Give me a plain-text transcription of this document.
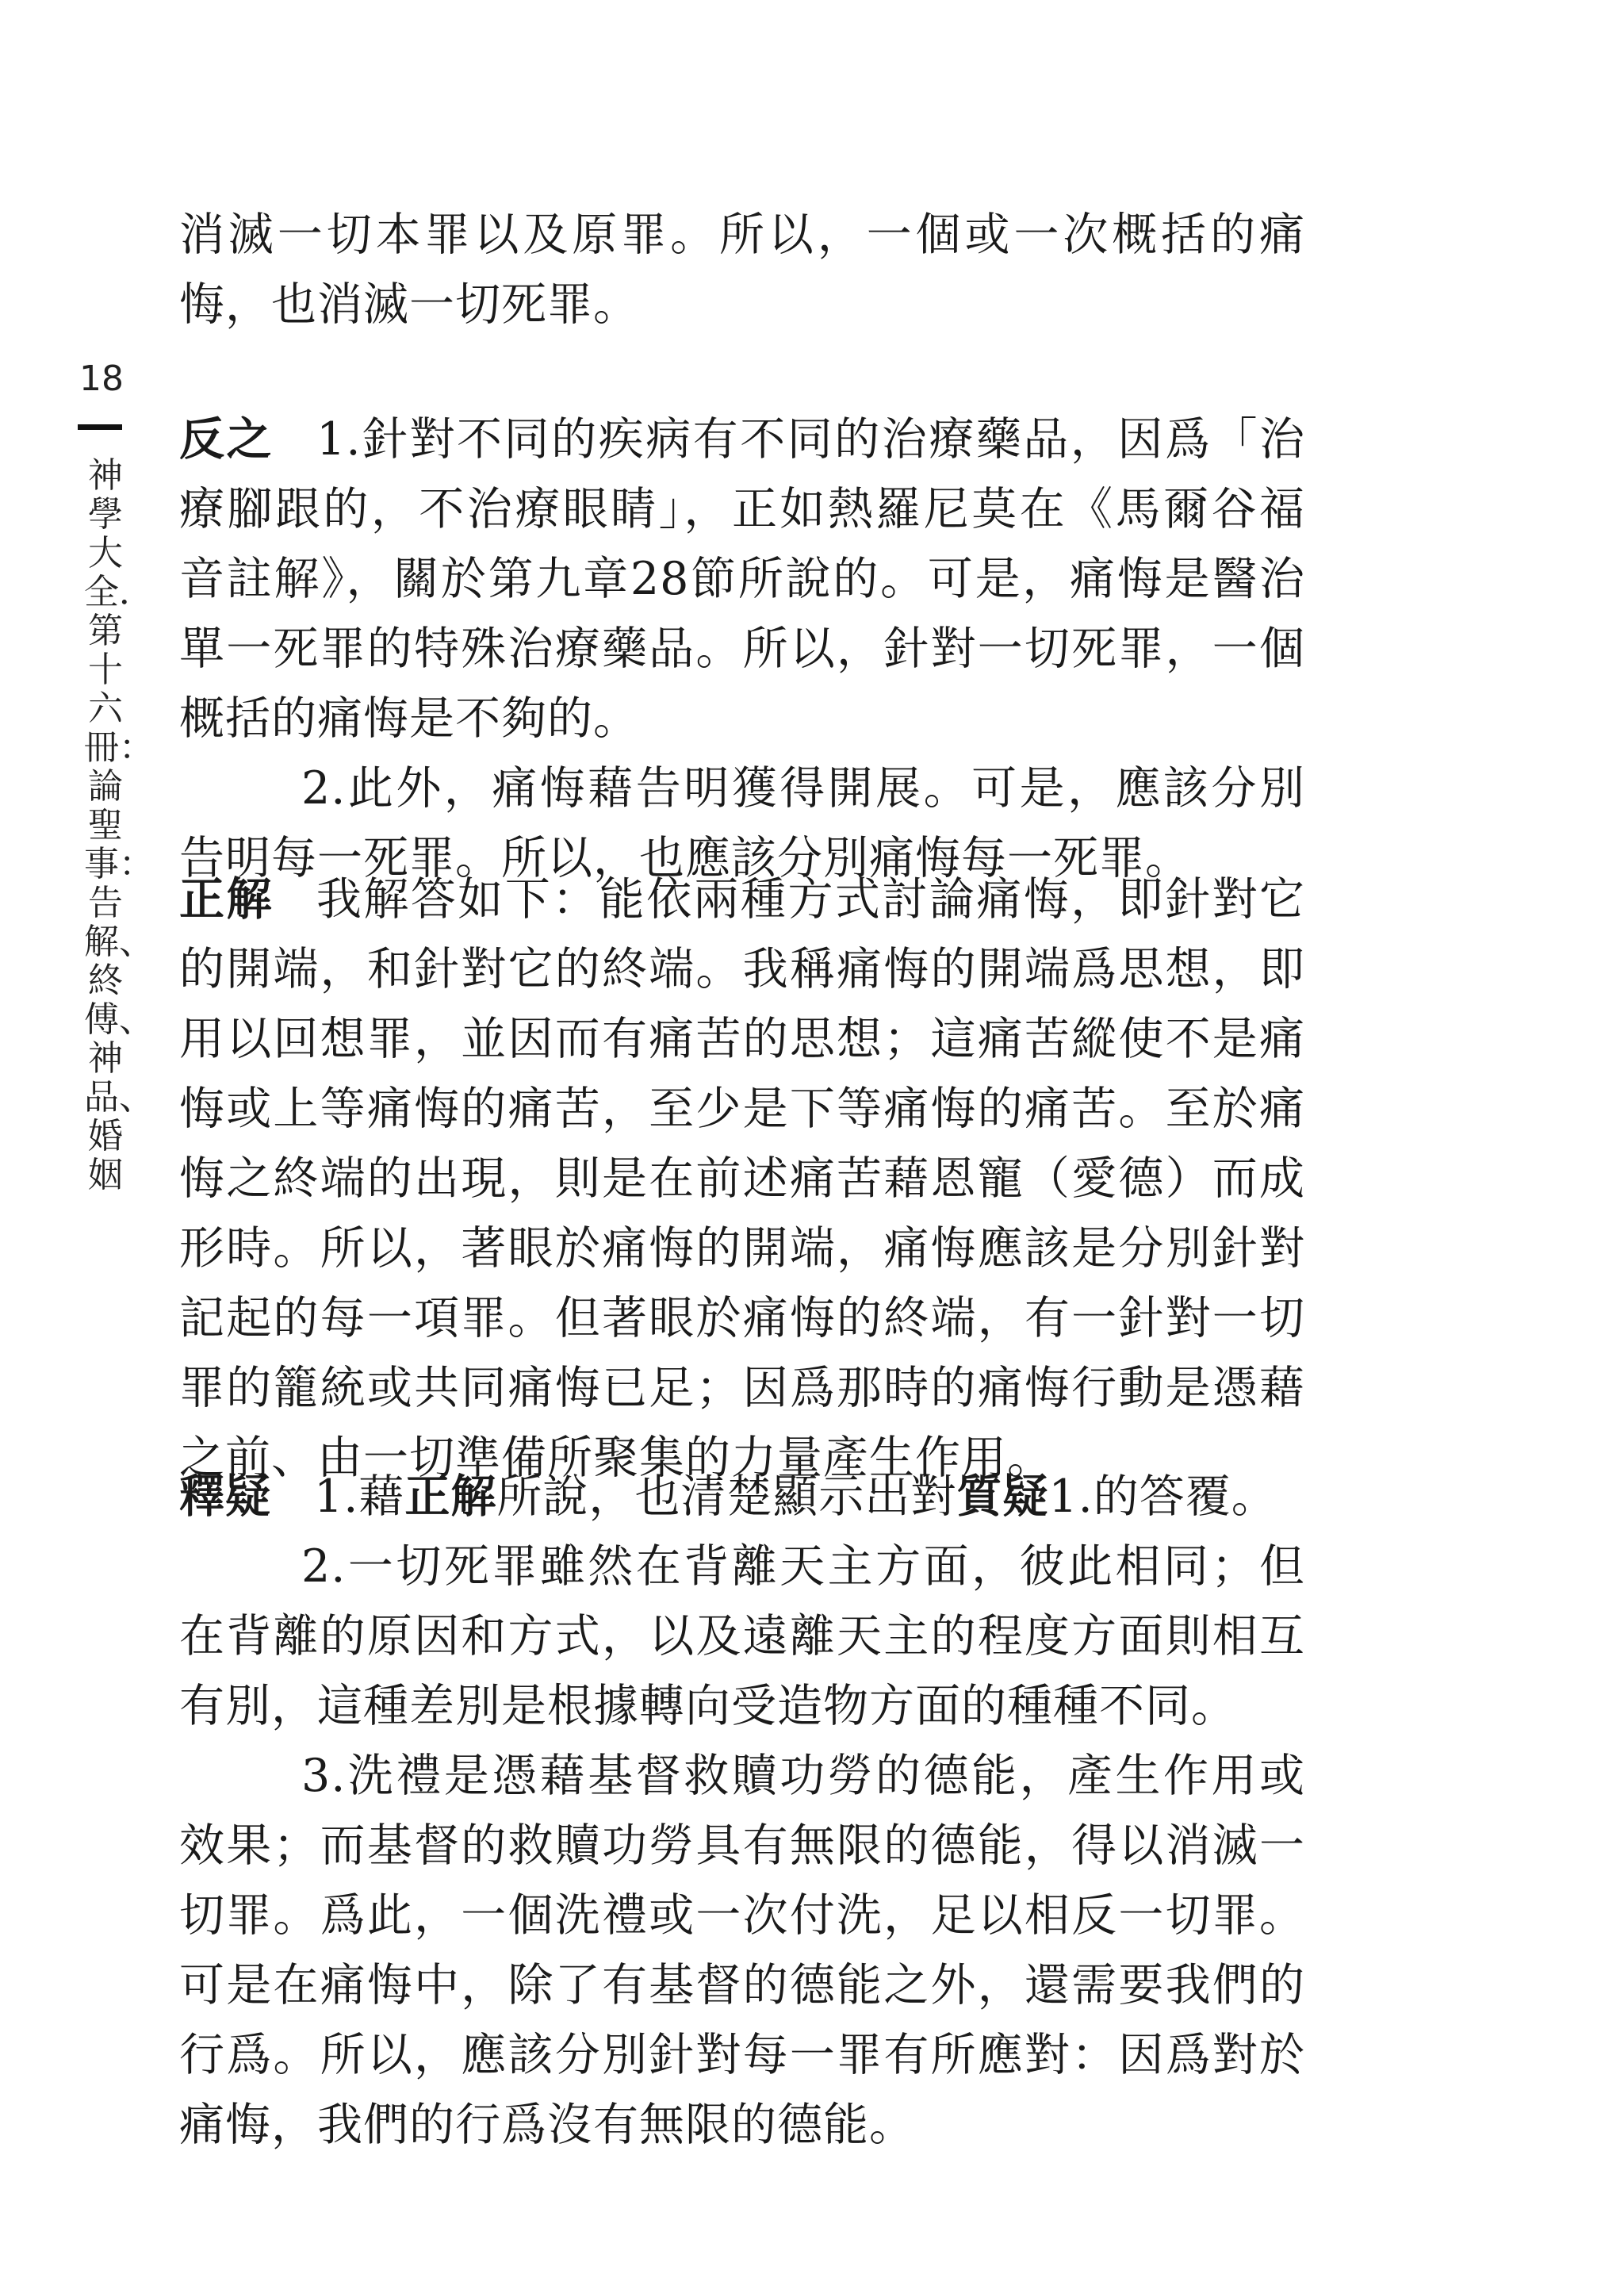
18
神學大全．第十六冊：論聖事：告解、終傅、神品、婚姻

消滅一切本罪以及原罪。所以，一個或一次概括的痛悔，也消滅一切死罪。

反之 1.針對不同的疾病有不同的治療藥品，因爲「治療腳跟的，不治療眼睛」，正如熱羅尼莫在《馬爾谷福音註解》，關於第九章28節所說的。可是，痛悔是醫治單一死罪的特殊治療藥品。所以，針對一切死罪，一個概括的痛悔是不夠的。

2.此外，痛悔藉告明獲得開展。可是，應該分別告明每一死罪。所以，也應該分別痛悔每一死罪。

正解 我解答如下：能依兩種方式討論痛悔，即針對它的開端，和針對它的終端。我稱痛悔的開端爲思想，即用以回想罪，並因而有痛苦的思想；這痛苦縱使不是痛悔或上等痛悔的痛苦，至少是下等痛悔的痛苦。至於痛悔之終端的出現，則是在前述痛苦藉恩寵（愛德）而成形時。所以，著眼於痛悔的開端，痛悔應該是分別針對記起的每一項罪。但著眼於痛悔的終端，有一針對一切罪的籠統或共同痛悔已足；因爲那時的痛悔行動是憑藉之前、由一切準備所聚集的力量產生作用。

釋疑 1.藉正解所說，也清楚顯示出對質疑1.的答覆。

2.一切死罪雖然在背離天主方面，彼此相同；但在背離的原因和方式，以及遠離天主的程度方面則相互有別，這種差別是根據轉向受造物方面的種種不同。

3.洗禮是憑藉基督救贖功勞的德能，產生作用或效果；而基督的救贖功勞具有無限的德能，得以消滅一切罪。爲此，一個洗禮或一次付洗，足以相反一切罪。可是在痛悔中，除了有基督的德能之外，還需要我們的行爲。所以，應該分別針對每一罪有所應對：因爲對於痛悔，我們的行爲沒有無限的德能。
